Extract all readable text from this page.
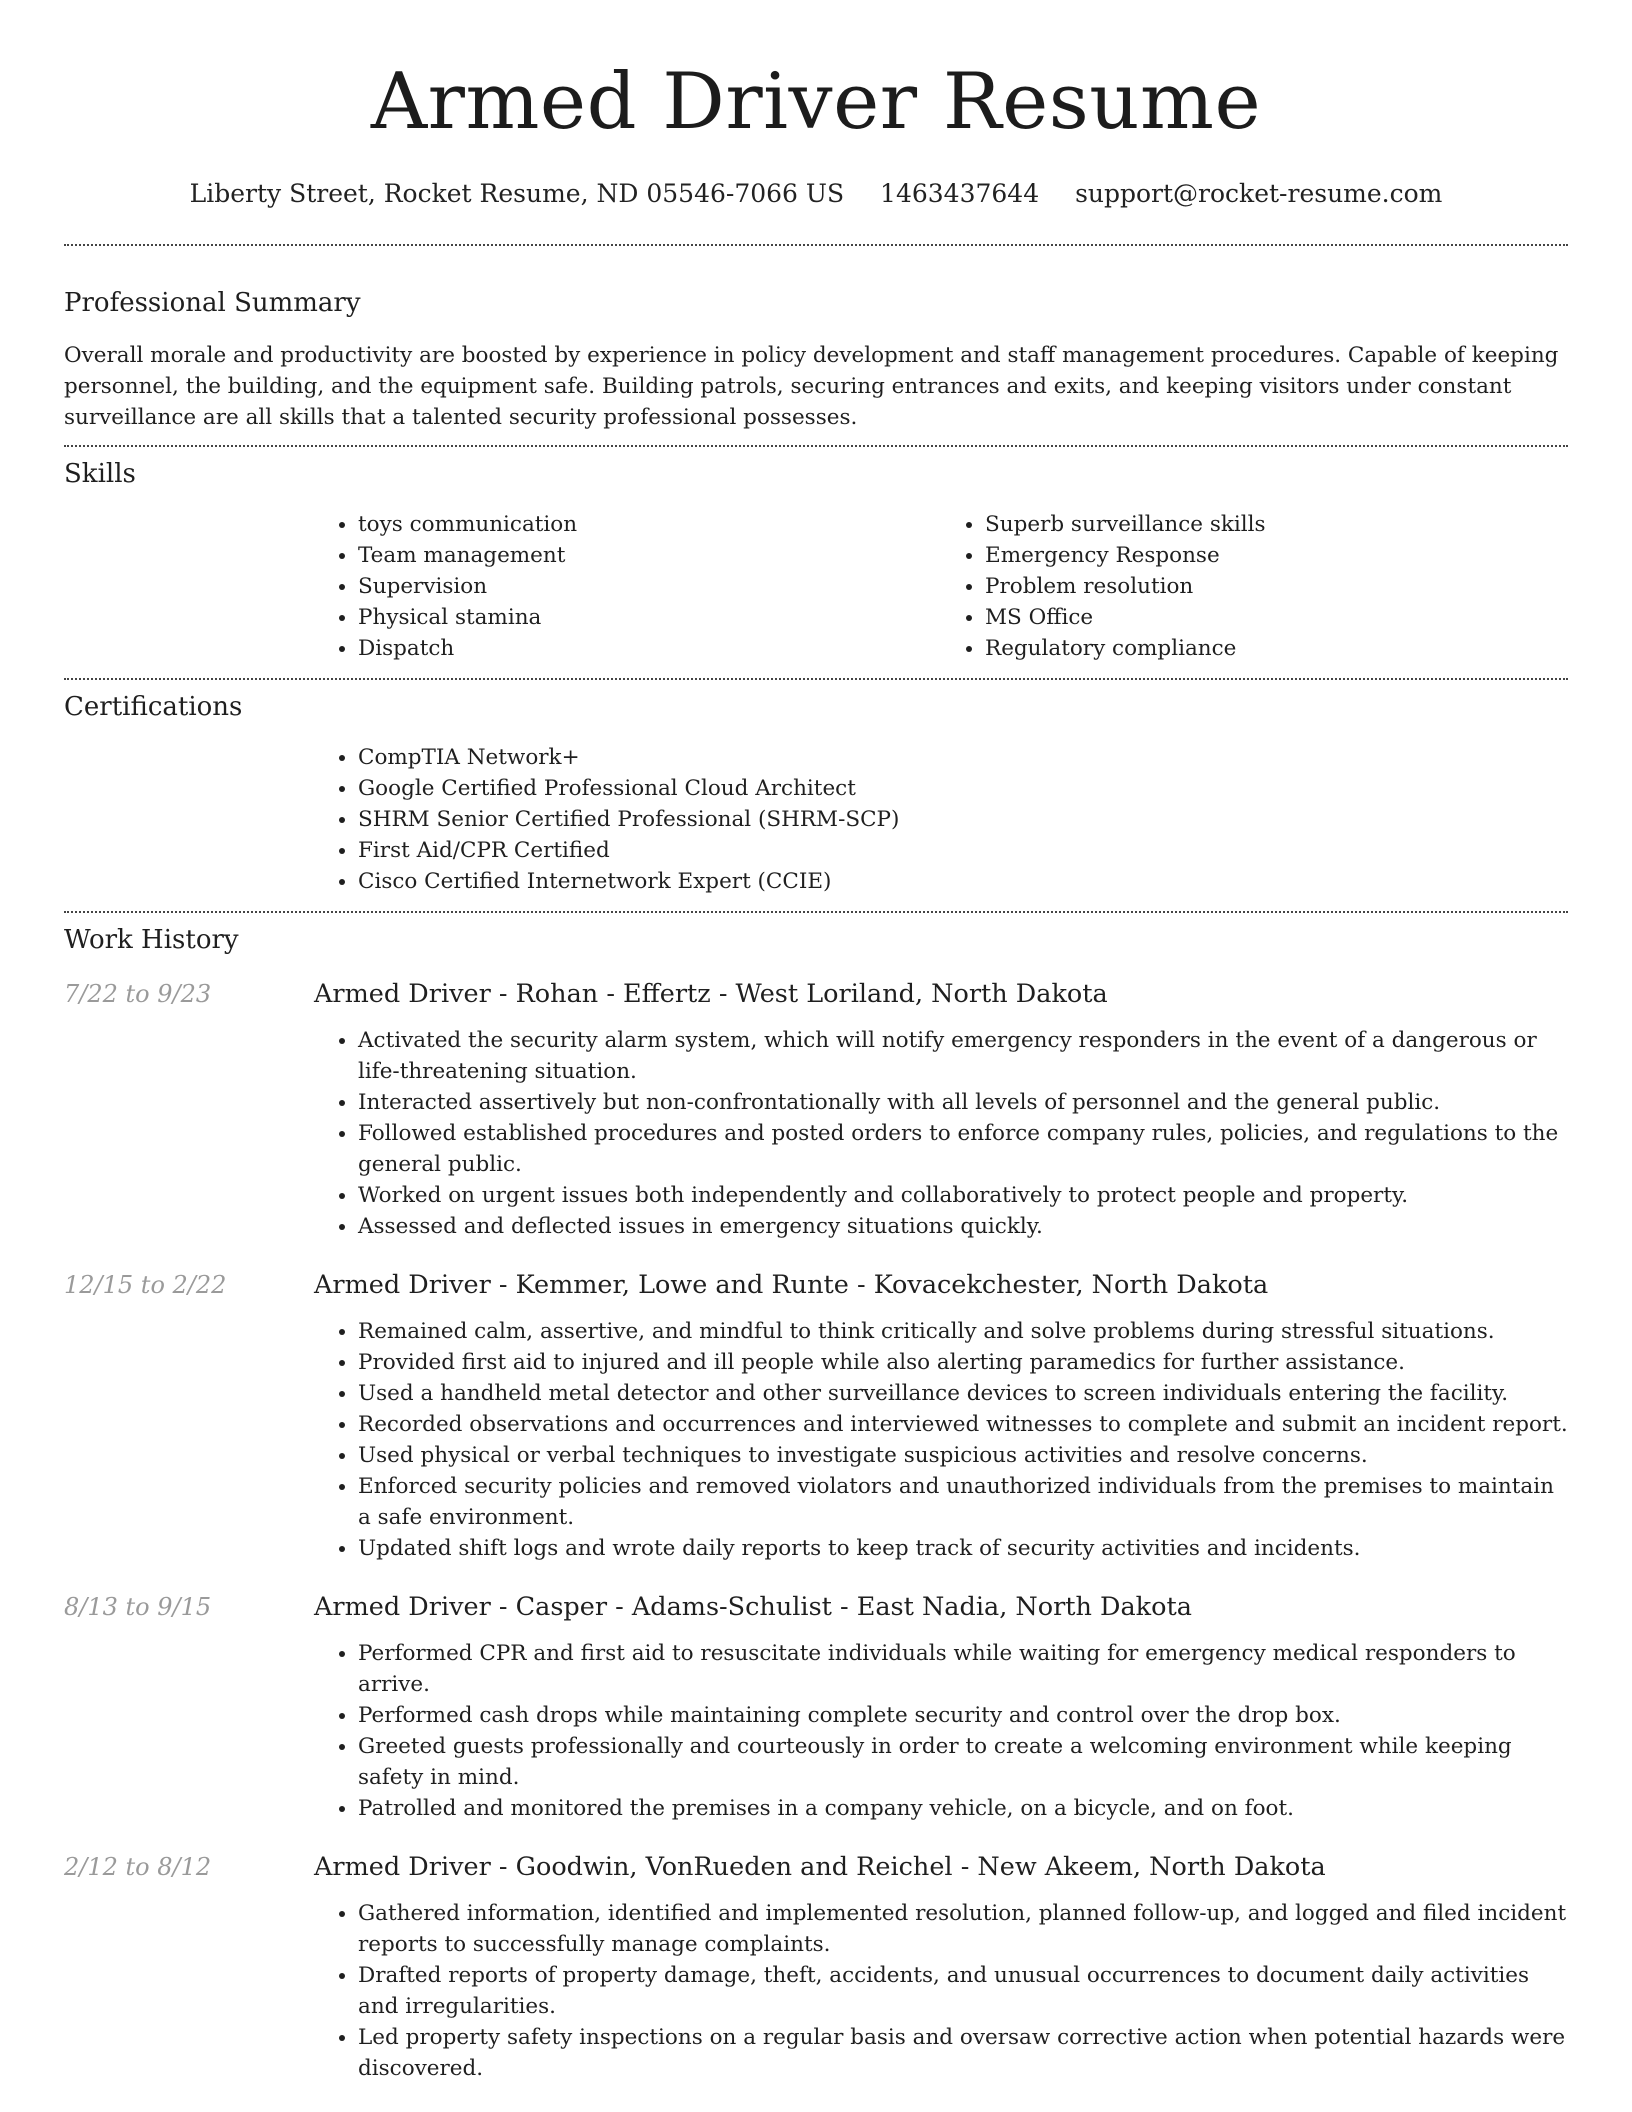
Armed Driver Resume
Liberty Street, Rocket Resume, ND 05546-7066 US 1463437644 support@rocket-resume.com
Professional Summary

Overall morale and productivity are boosted by experience in policy development and staff management procedures. Capable of keeping personnel, the building, and the equipment safe. Building patrols, securing entrances and exits, and keeping visitors under constant surveillance are all skills that a talented security professional possesses.

Skills
• toys communication
• Team management
• Supervision
• Physical stamina
• Dispatch
• Superb surveillance skills
• Emergency Response
• Problem resolution
• MS Office
• Regulatory compliance
Certifications
• CompTIA Network+
• Google Certified Professional Cloud Architect
• SHRM Senior Certified Professional (SHRM-SCP)
• First Aid/CPR Certified
• Cisco Certified Internetwork Expert (CCIE)
Work History
7/22 to 9/23	Armed Driver - Rohan - Effertz - West Loriland, North Dakota
• Activated the security alarm system, which will notify emergency responders in the event of a dangerous or life-threatening situation.
• Interacted assertively but non-confrontationally with all levels of personnel and the general public.
• Followed established procedures and posted orders to enforce company rules, policies, and regulations to the general public.
• Worked on urgent issues both independently and collaboratively to protect people and property.
• Assessed and deflected issues in emergency situations quickly.
12/15 to 2/22	Armed Driver - Kemmer, Lowe and Runte - Kovacekchester, North Dakota
• Remained calm, assertive, and mindful to think critically and solve problems during stressful situations.
• Provided first aid to injured and ill people while also alerting paramedics for further assistance.
• Used a handheld metal detector and other surveillance devices to screen individuals entering the facility.
• Recorded observations and occurrences and interviewed witnesses to complete and submit an incident report.
• Used physical or verbal techniques to investigate suspicious activities and resolve concerns.
• Enforced security policies and removed violators and unauthorized individuals from the premises to maintain a safe environment.
• Updated shift logs and wrote daily reports to keep track of security activities and incidents.
8/13 to 9/15	Armed Driver - Casper - Adams-Schulist - East Nadia, North Dakota
• Performed CPR and first aid to resuscitate individuals while waiting for emergency medical responders to arrive.
• Performed cash drops while maintaining complete security and control over the drop box.
• Greeted guests professionally and courteously in order to create a welcoming environment while keeping safety in mind.
• Patrolled and monitored the premises in a company vehicle, on a bicycle, and on foot.
2/12 to 8/12	Armed Driver - Goodwin, VonRueden and Reichel - New Akeem, North Dakota
• Gathered information, identified and implemented resolution, planned follow-up, and logged and filed incident reports to successfully manage complaints.
• Drafted reports of property damage, theft, accidents, and unusual occurrences to document daily activities and irregularities.
• Led property safety inspections on a regular basis and oversaw corrective action when potential hazards were discovered.
